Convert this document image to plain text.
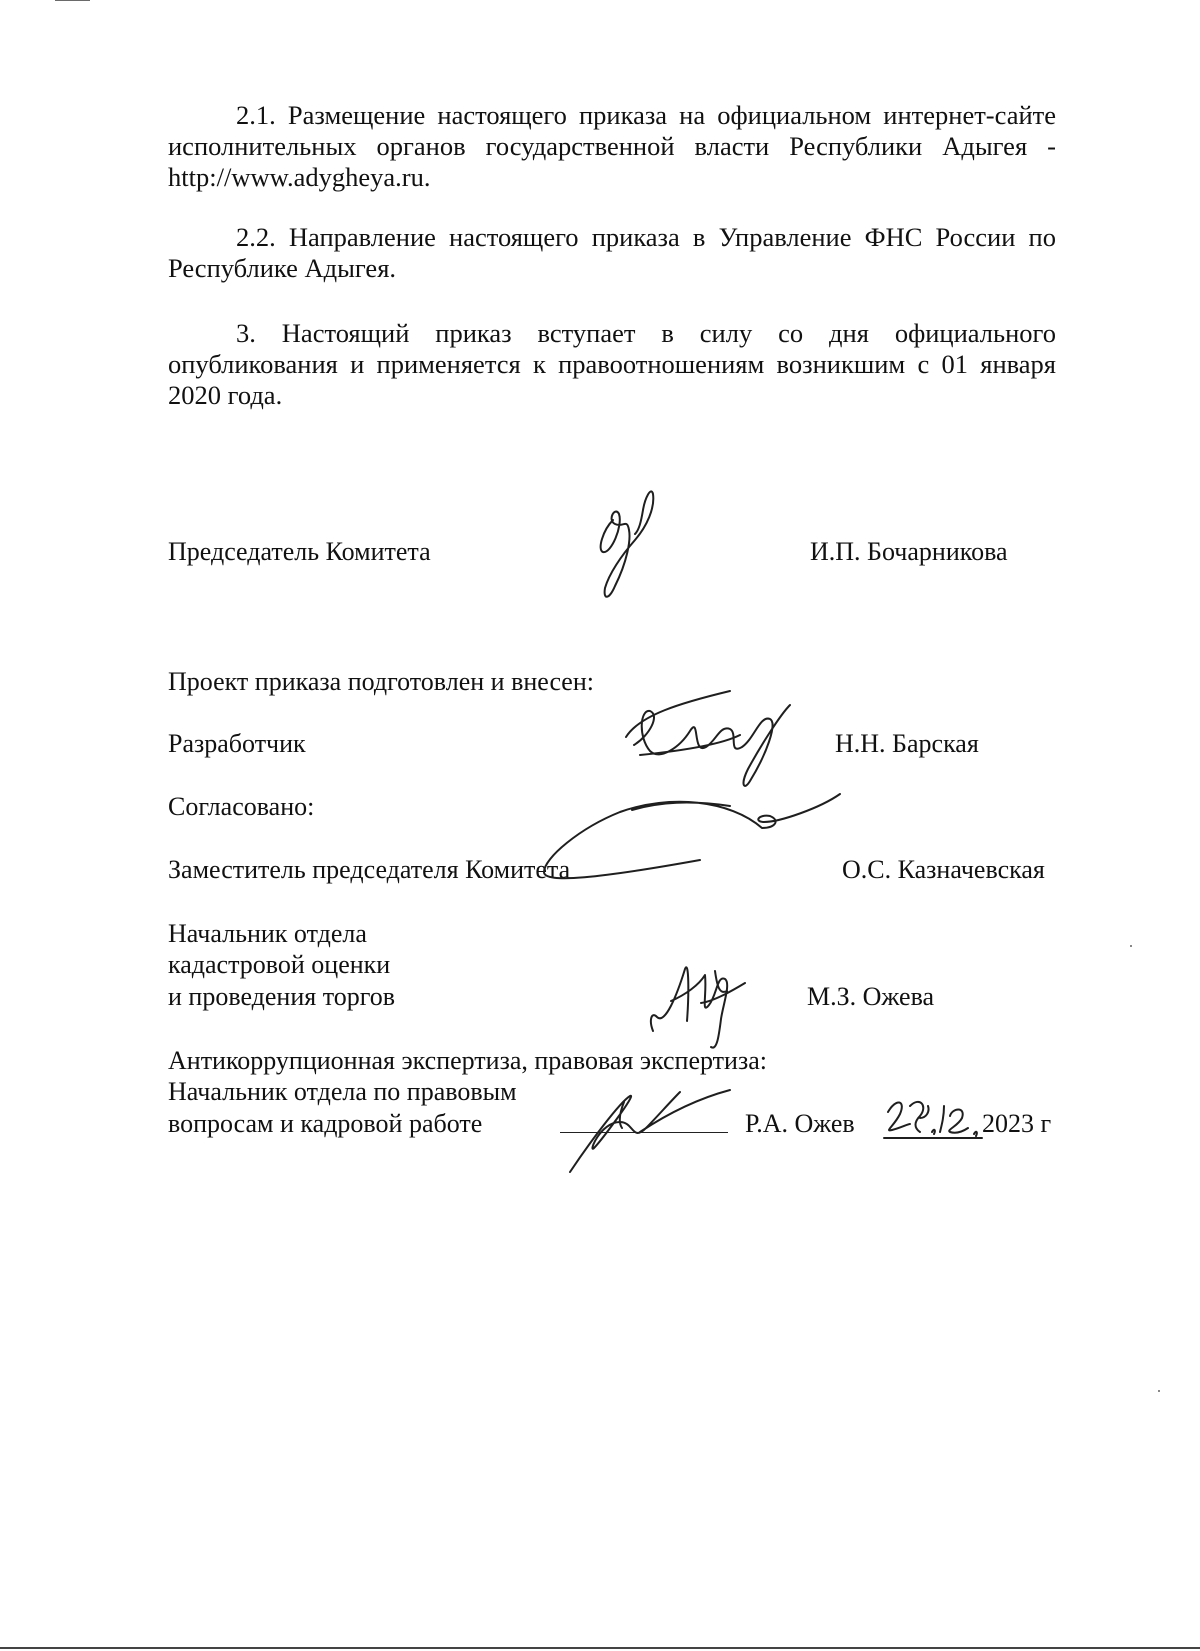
2.1. Размещение настоящего приказа на официальном интернет-сайте исполнительных органов государственной власти Республики Адыгея - http://www.adygheya.ru.

2.2. Направление настоящего приказа в Управление ФНС России по Республике Адыгея.

3. Настоящий приказ вступает в силу со дня официального опубликования и применяется к правоотношениям возникшим с 01 января 2020 года.

Председатель Комитета	И.П. Бочарникова
Проект приказа подготовлен и внесен:
Разработчик	Н.Н. Барская
Согласовано:
Заместитель председателя Комитета	О.С. Казначевская
Начальник отдела
кадастровой оценки
и проведения торгов	М.З. Ожева
Антикоррупционная экспертиза, правовая экспертиза:
Начальник отдела по правовым
вопросам и кадровой работе	Р.А. Ожев	2023 г
